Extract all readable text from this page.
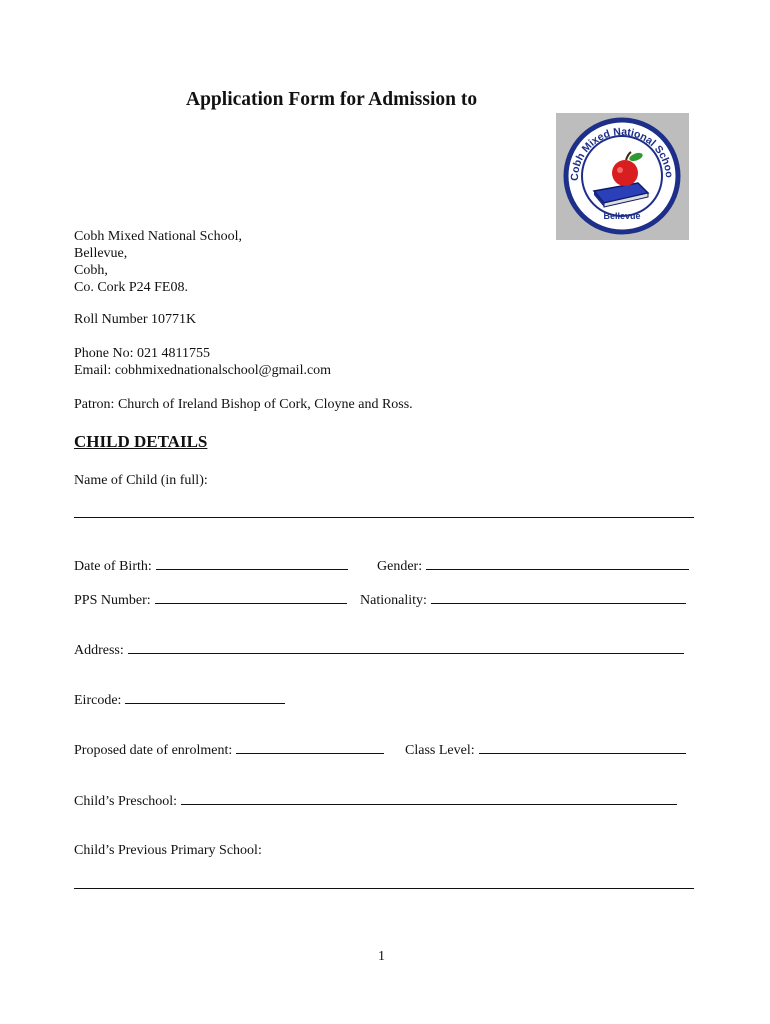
Application Form for Admission to
Cobh Mixed National Schoo
Bellevue
Cobh Mixed National School,
Bellevue,
Cobh,
Co. Cork P24 FE08.
Roll Number 10771K
Phone No: 021 4811755
Email: cobhmixednationalschool@gmail.com
Patron: Church of Ireland Bishop of Cork, Cloyne and Ross.
CHILD DETAILS
Name of Child (in full):
Date of Birth:	Gender:
PPS Number:	Nationality:
Address:
Eircode:
Proposed date of enrolment:	Class Level:
Child’s Preschool:
Child’s Previous Primary School:
1
